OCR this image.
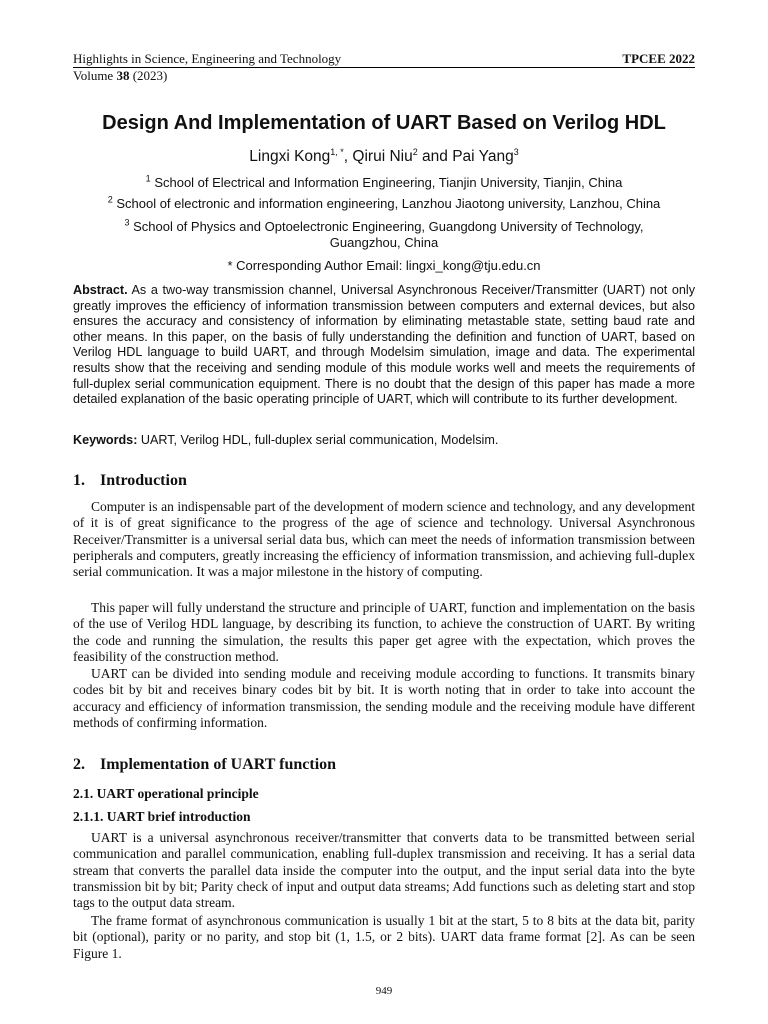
Highlights in Science, Engineering and Technology	TPCEE 2022
Volume 38 (2023)
Design And Implementation of UART Based on Verilog HDL
Lingxi Kong$^{1, *}$, Qirui Niu$^2$ and Pai Yang$^3$
$^1$ School of Electrical and Information Engineering, Tianjin University, Tianjin, China
$^2$ School of electronic and information engineering, Lanzhou Jiaotong university, Lanzhou, China
$^3$ School of Physics and Optoelectronic Engineering, Guangdong University of Technology, Guangzhou, China
* Corresponding Author Email: lingxi_kong@tju.edu.cn
Abstract. As a two-way transmission channel, Universal Asynchronous Receiver/Transmitter (UART) not only greatly improves the efficiency of information transmission between computers and external devices, but also ensures the accuracy and consistency of information by eliminating metastable state, setting baud rate and other means. In this paper, on the basis of fully understanding the definition and function of UART, based on Verilog HDL language to build UART, and through Modelsim simulation, image and data. The experimental results show that the receiving and sending module of this module works well and meets the requirements of full-duplex serial communication equipment. There is no doubt that the design of this paper has made a more detailed explanation of the basic operating principle of UART, which will contribute to its further development.
Keywords: UART, Verilog HDL, full-duplex serial communication, Modelsim.
1. Introduction
Computer is an indispensable part of the development of modern science and technology, and any development of it is of great significance to the progress of the age of science and technology. Universal Asynchronous Receiver/Transmitter is a universal serial data bus, which can meet the needs of information transmission between peripherals and computers, greatly increasing the efficiency of information transmission, and achieving full-duplex serial communication. It was a major milestone in the history of computing.
This paper will fully understand the structure and principle of UART, function and implementation on the basis of the use of Verilog HDL language, by describing its function, to achieve the construction of UART. By writing the code and running the simulation, the results this paper get agree with the expectation, which proves the feasibility of the construction method.
UART can be divided into sending module and receiving module according to functions. It transmits binary codes bit by bit and receives binary codes bit by bit. It is worth noting that in order to take into account the accuracy and efficiency of information transmission, the sending module and the receiving module have different methods of confirming information.
2. Implementation of UART function
2.1. UART operational principle
2.1.1. UART brief introduction
UART is a universal asynchronous receiver/transmitter that converts data to be transmitted between serial communication and parallel communication, enabling full-duplex transmission and receiving. It has a serial data stream that converts the parallel data inside the computer into the output, and the input serial data into the byte transmission bit by bit; Parity check of input and output data streams; Add functions such as deleting start and stop tags to the output data stream.
The frame format of asynchronous communication is usually 1 bit at the start, 5 to 8 bits at the data bit, parity bit (optional), parity or no parity, and stop bit (1, 1.5, or 2 bits). UART data frame format [2]. As can be seen Figure 1.
949
